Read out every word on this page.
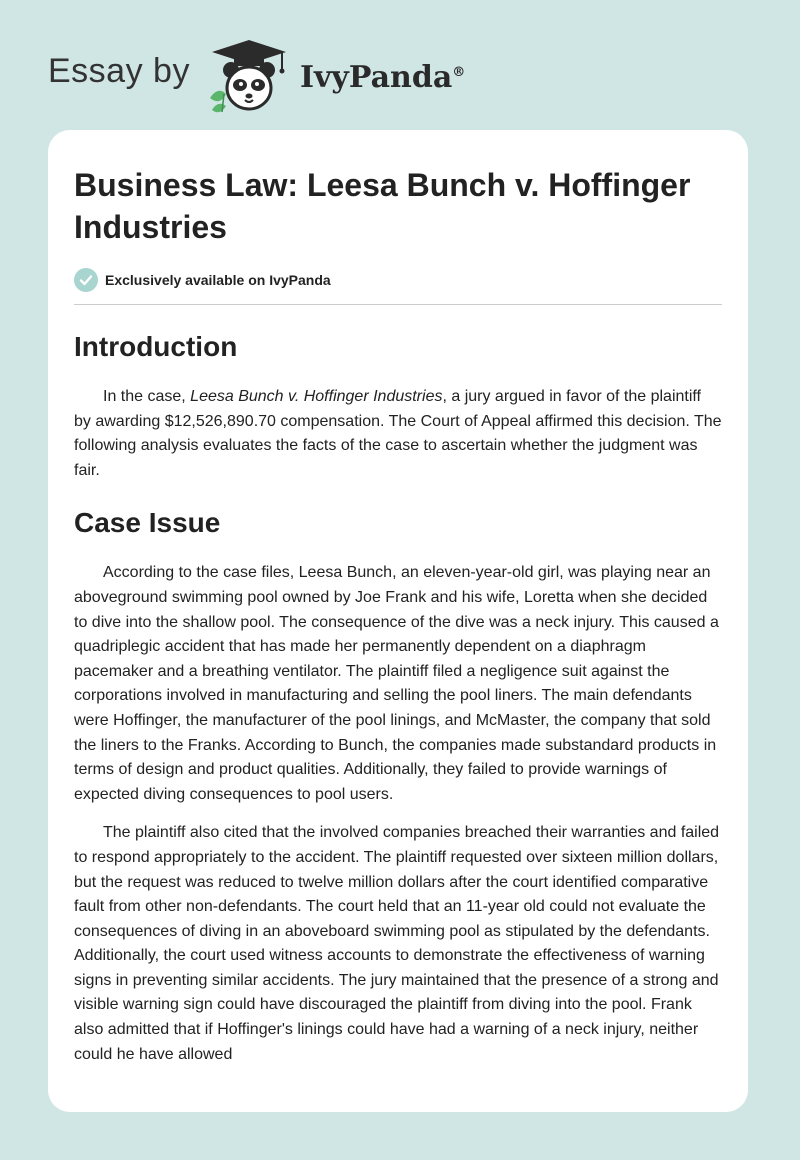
Essay by	IvyPanda®
Business Law: Leesa Bunch v. Hoffinger Industries
Exclusively available on IvyPanda
Introduction

In the case, Leesa Bunch v. Hoffinger Industries, a jury argued in favor of the plaintiff by awarding $12,526,890.70 compensation. The Court of Appeal affirmed this decision. The following analysis evaluates the facts of the case to ascertain whether the judgment was fair.

Case Issue

According to the case files, Leesa Bunch, an eleven-year-old girl, was playing near an aboveground swimming pool owned by Joe Frank and his wife, Loretta when she decided to dive into the shallow pool. The consequence of the dive was a neck injury. This caused a quadriplegic accident that has made her permanently dependent on a diaphragm pacemaker and a breathing ventilator. The plaintiff filed a negligence suit against the corporations involved in manufacturing and selling the pool liners. The main defendants were Hoffinger, the manufacturer of the pool linings, and McMaster, the company that sold the liners to the Franks. According to Bunch, the companies made substandard products in terms of design and product qualities. Additionally, they failed to provide warnings of expected diving consequences to pool users.

The plaintiff also cited that the involved companies breached their warranties and failed to respond appropriately to the accident. The plaintiff requested over sixteen million dollars, but the request was reduced to twelve million dollars after the court identified comparative fault from other non-defendants. The court held that an 11-year old could not evaluate the consequences of diving in an aboveboard swimming pool as stipulated by the defendants. Additionally, the court used witness accounts to demonstrate the effectiveness of warning signs in preventing similar accidents. The jury maintained that the presence of a strong and visible warning sign could have discouraged the plaintiff from diving into the pool. Frank also admitted that if Hoffinger's linings could have had a warning of a neck injury, neither could he have allowed
